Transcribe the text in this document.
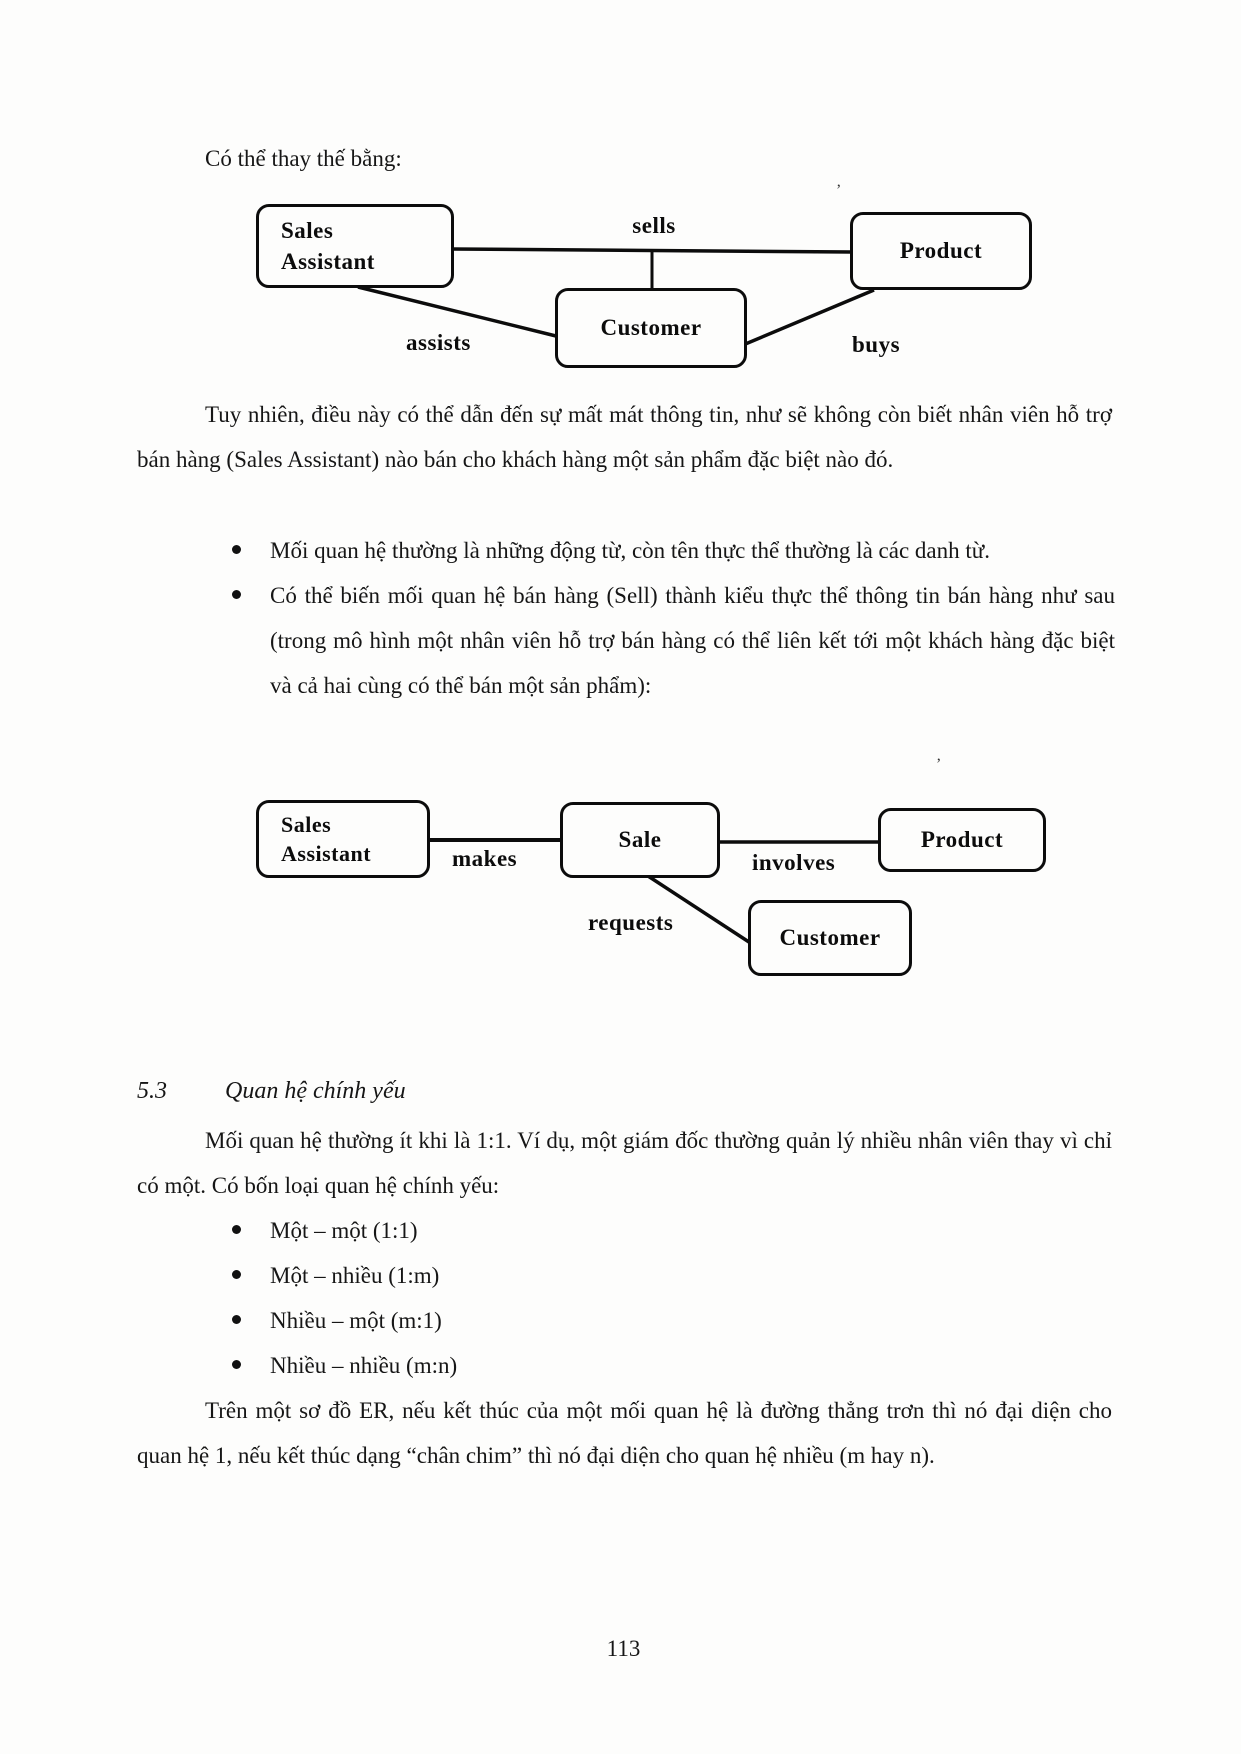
Có thể thay thế bằng:
Sales Assistant	Product
Customer
sells
assists	buys
’

Tuy nhiên, điều này có thể dẫn đến sự mất mát thông tin, như sẽ không còn biết nhân viên hỗ trợ bán hàng (Sales Assistant) nào bán cho khách hàng một sản phẩm đặc biệt nào đó.

Mối quan hệ thường là những động từ, còn tên thực thể thường là các danh từ.
Có thể biến mối quan hệ bán hàng (Sell) thành kiểu thực thể thông tin bán hàng như sau (trong mô hình một nhân viên hỗ trợ bán hàng có thể liên kết tới một khách hàng đặc biệt và cả hai cùng có thể bán một sản phẩm):
Sales Assistant
Sale	Product
Customer
makes	involves
requests
’
5.3 Quan hệ chính yếu

Mối quan hệ thường ít khi là 1:1. Ví dụ, một giám đốc thường quản lý nhiều nhân viên thay vì chỉ có một. Có bốn loại quan hệ chính yếu:

Một – một (1:1)
Một – nhiều (1:m)
Nhiều – một (m:1)
Nhiều – nhiều (m:n)

Trên một sơ đồ ER, nếu kết thúc của một mối quan hệ là đường thẳng trơn thì nó đại diện cho quan hệ 1, nếu kết thúc dạng “chân chim” thì nó đại diện cho quan hệ nhiều (m hay n).

113
